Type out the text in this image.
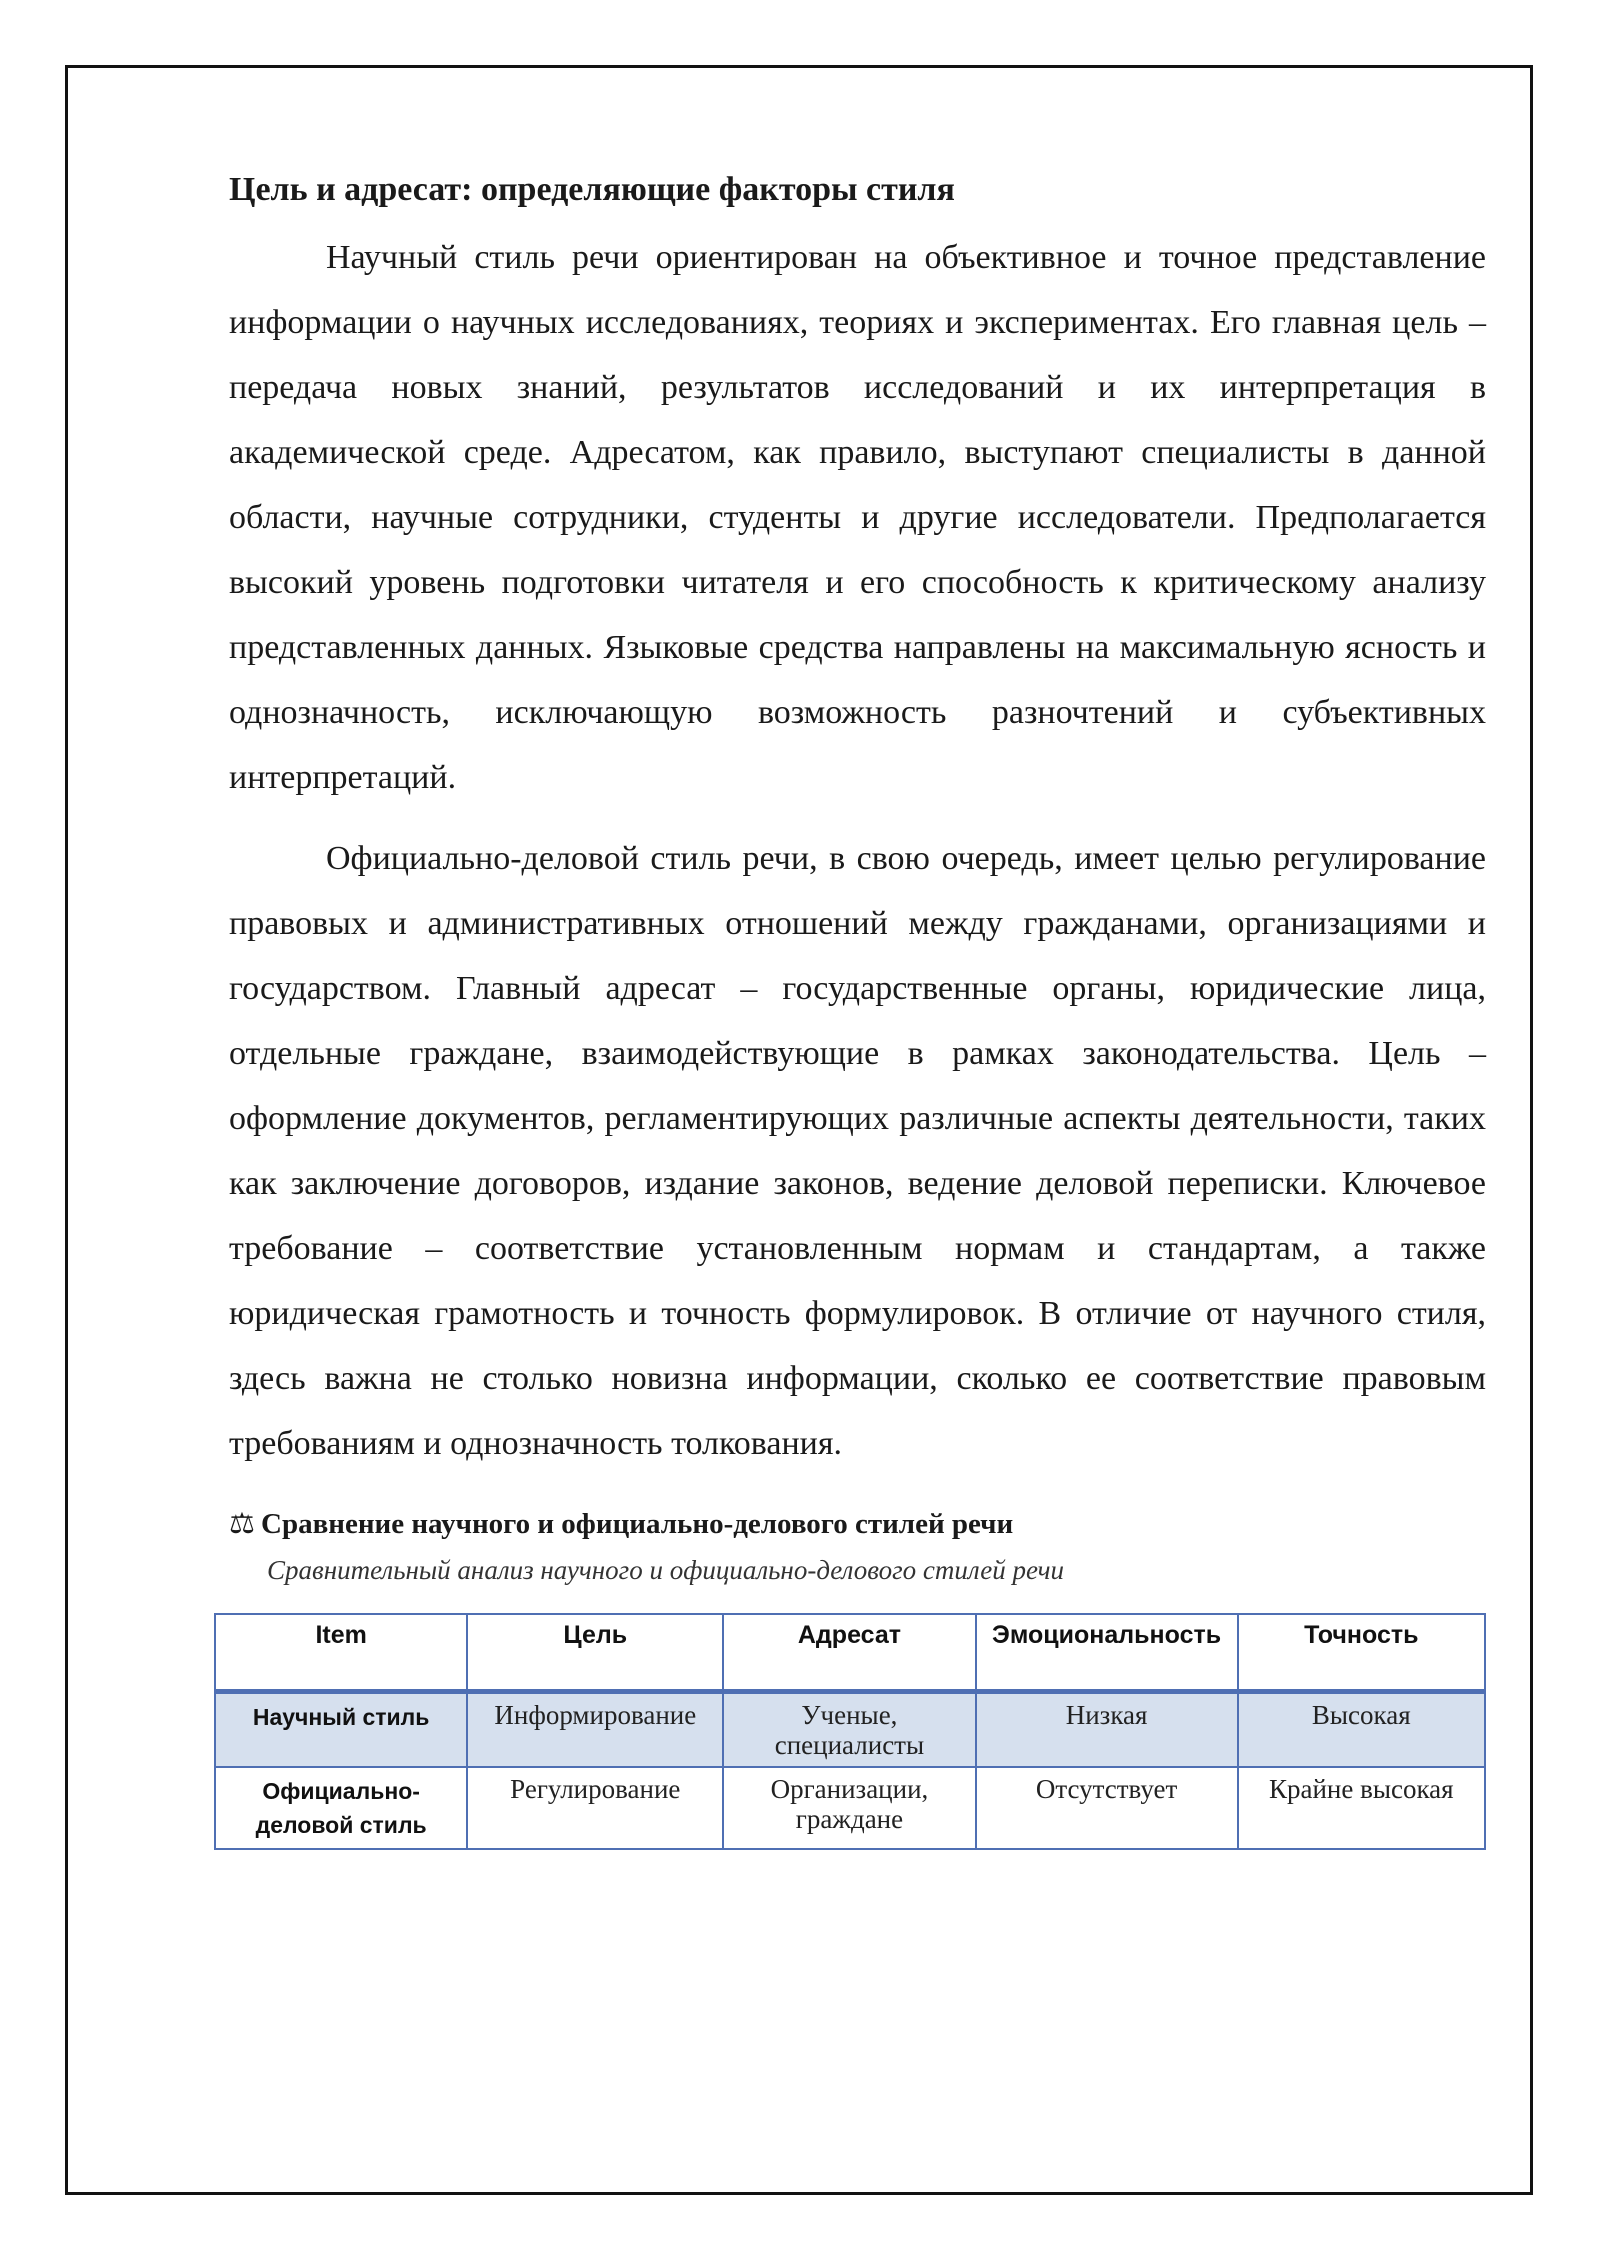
Цель и адресат: определяющие факторы стиля

Научный стиль речи ориентирован на объективное и точное представление информации о научных исследованиях, теориях и экспериментах. Его главная цель – передача новых знаний, результатов исследований и их интерпретация в академической среде. Адресатом, как правило, выступают специалисты в данной области, научные сотрудники, студенты и другие исследователи. Предполагается высокий уровень подготовки читателя и его способность к критическому анализу представленных данных. Языковые средства направлены на максимальную ясность и однозначность, исключающую возможность разночтений и субъективных интерпретаций.

Официально-деловой стиль речи, в свою очередь, имеет целью регулирование правовых и административных отношений между гражданами, организациями и государством. Главный адресат – государственные органы, юридические лица, отдельные граждане, взаимодействующие в рамках законодательства. Цель – оформление документов, регламентирующих различные аспекты деятельности, таких как заключение договоров, издание законов, ведение деловой переписки. Ключевое требование – соответствие установленным нормам и стандартам, а также юридическая грамотность и точность формулировок. В отличие от научного стиля, здесь важна не столько новизна информации, сколько ее соответствие правовым требованиям и однозначность толкования.

⚖ Сравнение научного и официально-делового стилей речи
Сравнительный анализ научного и официально-делового стилей речи
Item	Цель	Адресат	Эмоциональность	Точность
Научный стиль	Информирование	Ученые, специалисты	Низкая	Высокая
Официально-деловой стиль	Регулирование	Организации, граждане	Отсутствует	Крайне высокая
